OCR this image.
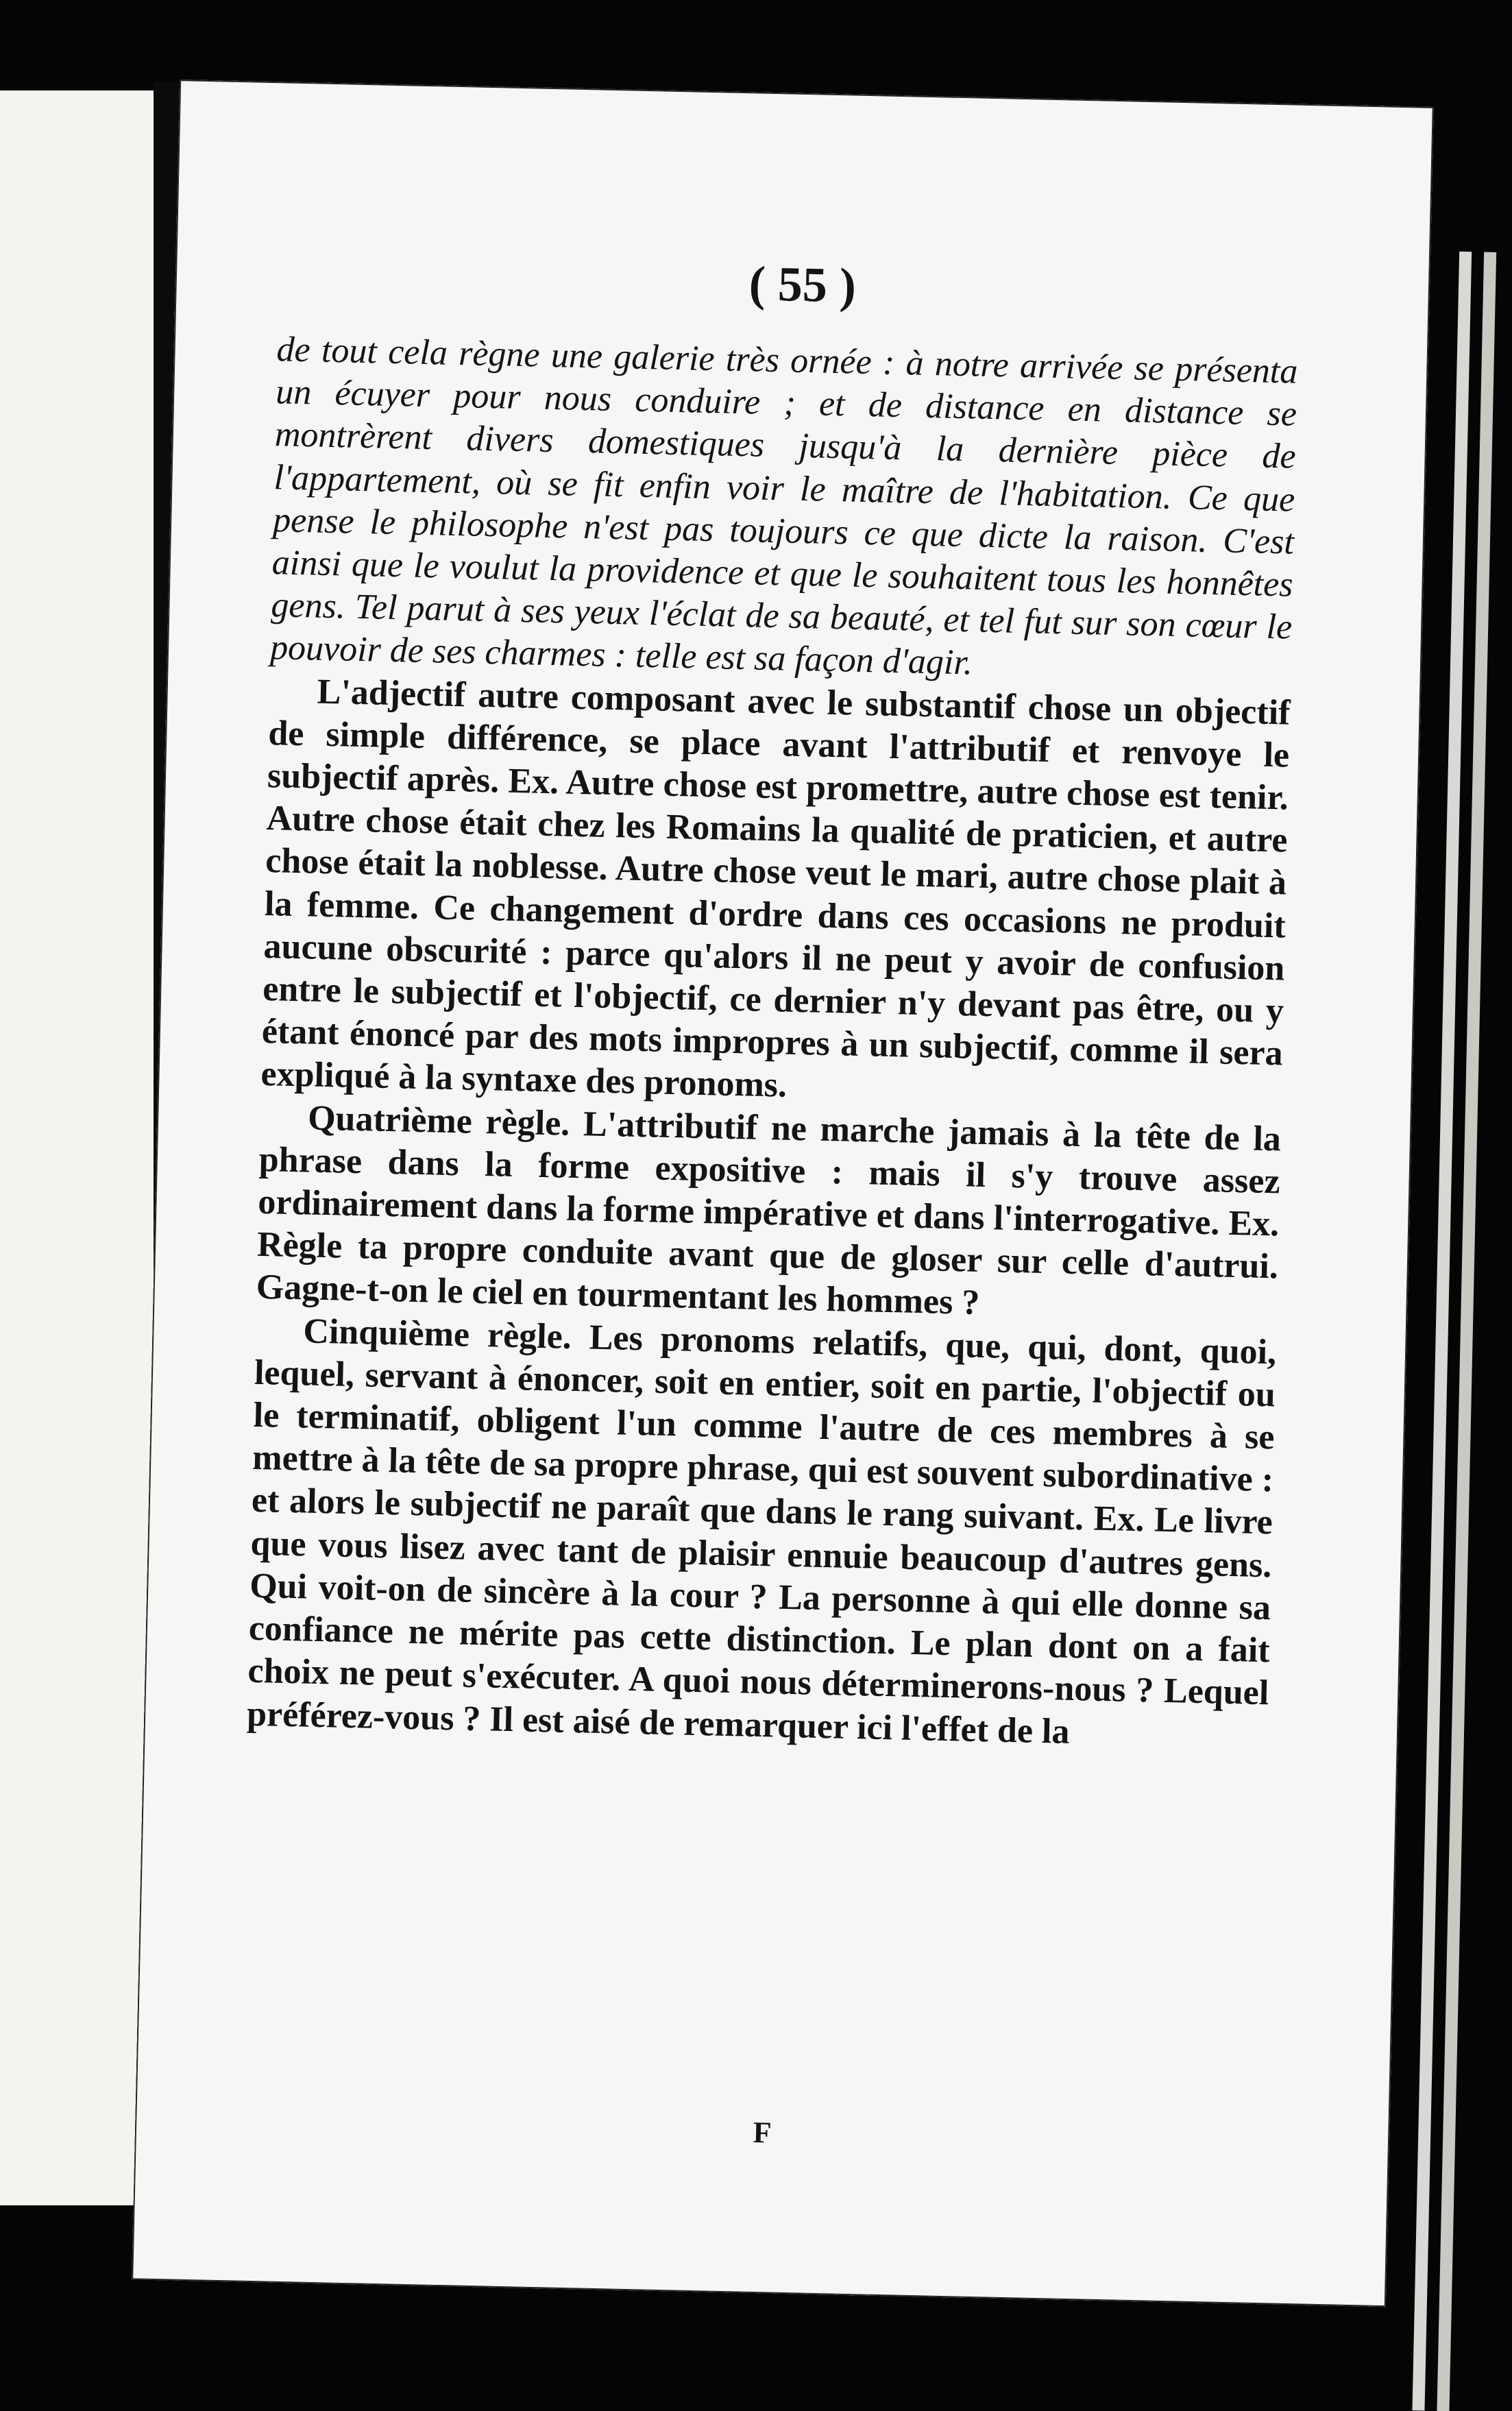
( 55 )

de tout cela règne une galerie très ornée : à notre arrivée se présenta un écuyer pour nous conduire ; et de distance en distance se montrèrent divers domestiques jusqu'à la dernière pièce de l'appartement, où se fit enfin voir le maître de l'habitation. Ce que pense le philosophe n'est pas toujours ce que dicte la raison. C'est ainsi que le voulut la providence et que le souhaitent tous les honnêtes gens. Tel parut à ses yeux l'éclat de sa beauté, et tel fut sur son cœur le pouvoir de ses charmes : telle est sa façon d'agir.

L'adjectif autre composant avec le substantif chose un objectif de simple différence, se place avant l'attributif et renvoye le subjectif après. Ex. Autre chose est promettre, autre chose est tenir. Autre chose était chez les Romains la qualité de praticien, et autre chose était la noblesse. Autre chose veut le mari, autre chose plait à la femme. Ce changement d'ordre dans ces occasions ne produit aucune obscurité : parce qu'alors il ne peut y avoir de confusion entre le subjectif et l'objectif, ce dernier n'y devant pas être, ou y étant énoncé par des mots impropres à un subjectif, comme il sera expliqué à la syntaxe des pronoms.

Quatrième règle. L'attributif ne marche jamais à la tête de la phrase dans la forme expositive : mais il s'y trouve assez ordinairement dans la forme impérative et dans l'interrogative. Ex. Règle ta propre conduite avant que de gloser sur celle d'autrui. Gagne-t-on le ciel en tourmentant les hommes ?

Cinquième règle. Les pronoms relatifs, que, qui, dont, quoi, lequel, servant à énoncer, soit en entier, soit en partie, l'objectif ou le terminatif, obligent l'un comme l'autre de ces membres à se mettre à la tête de sa propre phrase, qui est souvent subordinative : et alors le subjectif ne paraît que dans le rang suivant. Ex. Le livre que vous lisez avec tant de plaisir ennuie beaucoup d'autres gens. Qui voit-on de sincère à la cour ? La personne à qui elle donne sa confiance ne mérite pas cette distinction. Le plan dont on a fait choix ne peut s'exécuter. A quoi nous déterminerons-nous ? Lequel préférez-vous ? Il est aisé de remarquer ici l'effet de la

F
